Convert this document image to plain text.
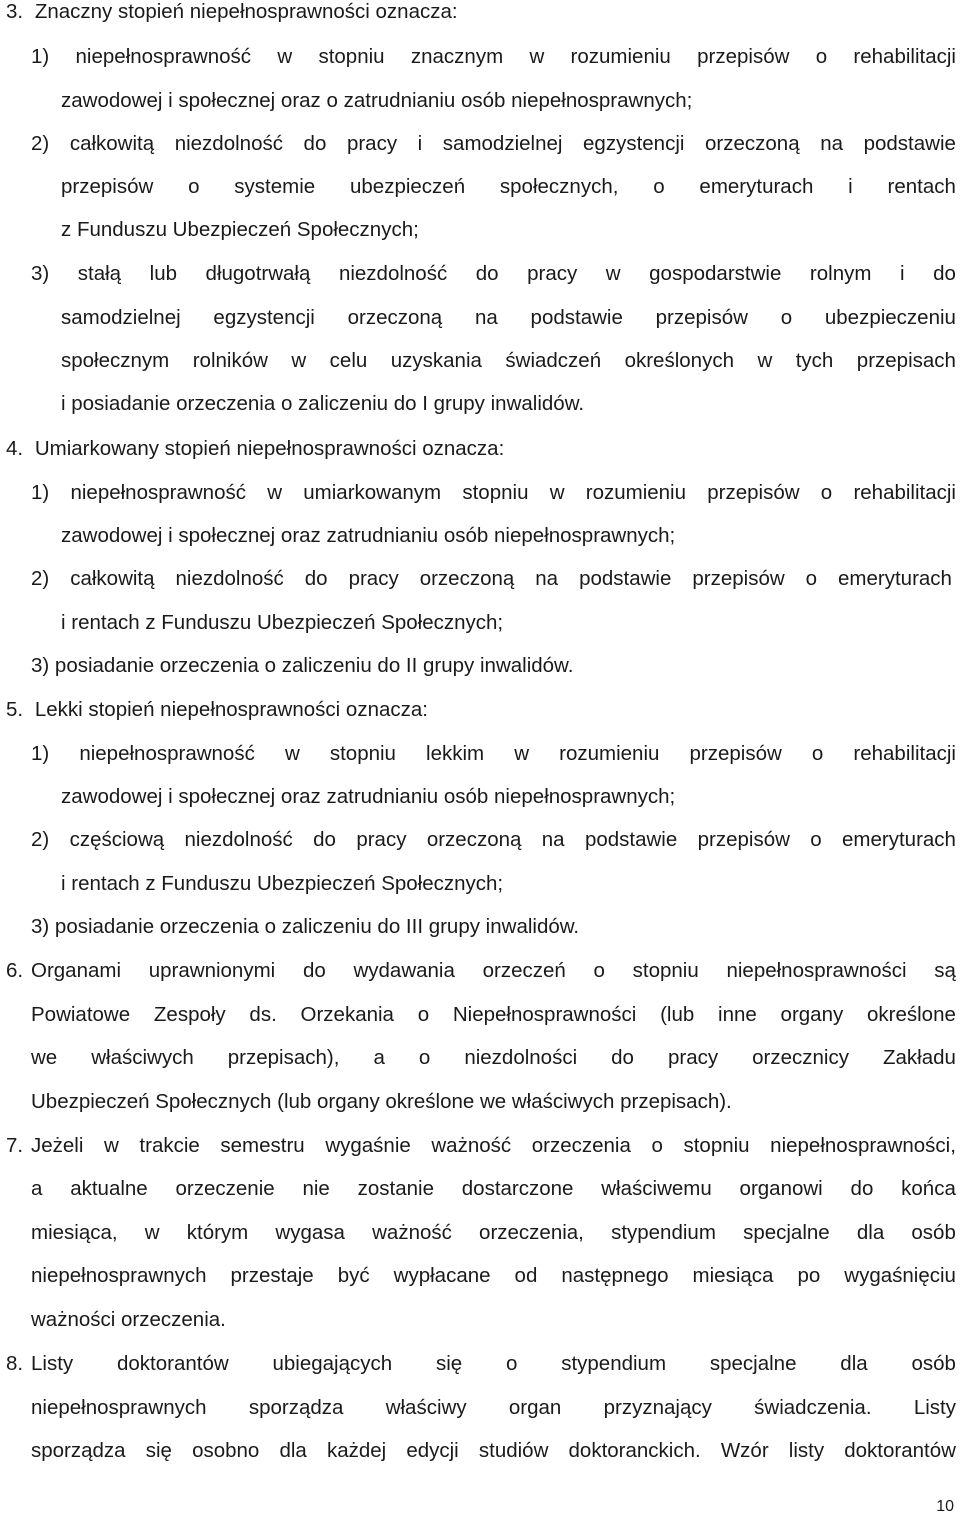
3. Znaczny stopień niepełnosprawności oznacza:
1) niepełnosprawność w stopniu znacznym w rozumieniu przepisów o rehabilitacji
zawodowej i społecznej oraz o zatrudnianiu osób niepełnosprawnych;
2) całkowitą niezdolność do pracy i samodzielnej egzystencji orzeczoną na podstawie
przepisów o systemie ubezpieczeń społecznych, o emeryturach i rentach
z Funduszu Ubezpieczeń Społecznych;
3) stałą lub długotrwałą niezdolność do pracy w gospodarstwie rolnym i do
samodzielnej egzystencji orzeczoną na podstawie przepisów o ubezpieczeniu
społecznym rolników w celu uzyskania świadczeń określonych w tych przepisach
i posiadanie orzeczenia o zaliczeniu do I grupy inwalidów.
4. Umiarkowany stopień niepełnosprawności oznacza:
1) niepełnosprawność w umiarkowanym stopniu w rozumieniu przepisów o rehabilitacji
zawodowej i społecznej oraz zatrudnianiu osób niepełnosprawnych;
2) całkowitą niezdolność do pracy orzeczoną na podstawie przepisów o emeryturach
i rentach z Funduszu Ubezpieczeń Społecznych;
3) posiadanie orzeczenia o zaliczeniu do II grupy inwalidów.
5. Lekki stopień niepełnosprawności oznacza:
1) niepełnosprawność w stopniu lekkim w rozumieniu przepisów o rehabilitacji
zawodowej i społecznej oraz zatrudnianiu osób niepełnosprawnych;
2) częściową niezdolność do pracy orzeczoną na podstawie przepisów o emeryturach
i rentach z Funduszu Ubezpieczeń Społecznych;
3) posiadanie orzeczenia o zaliczeniu do III grupy inwalidów.
6. Organami uprawnionymi do wydawania orzeczeń o stopniu niepełnosprawności są
Powiatowe Zespoły ds. Orzekania o Niepełnosprawności (lub inne organy określone
we właściwych przepisach), a o niezdolności do pracy orzecznicy Zakładu
Ubezpieczeń Społecznych (lub organy określone we właściwych przepisach).
7. Jeżeli w trakcie semestru wygaśnie ważność orzeczenia o stopniu niepełnosprawności,
a aktualne orzeczenie nie zostanie dostarczone właściwemu organowi do końca
miesiąca, w którym wygasa ważność orzeczenia, stypendium specjalne dla osób
niepełnosprawnych przestaje być wypłacane od następnego miesiąca po wygaśnięciu
ważności orzeczenia.
8. Listy doktorantów ubiegających się o stypendium specjalne dla osób
niepełnosprawnych sporządza właściwy organ przyznający świadczenia. Listy
sporządza się osobno dla każdej edycji studiów doktoranckich. Wzór listy doktorantów
10
